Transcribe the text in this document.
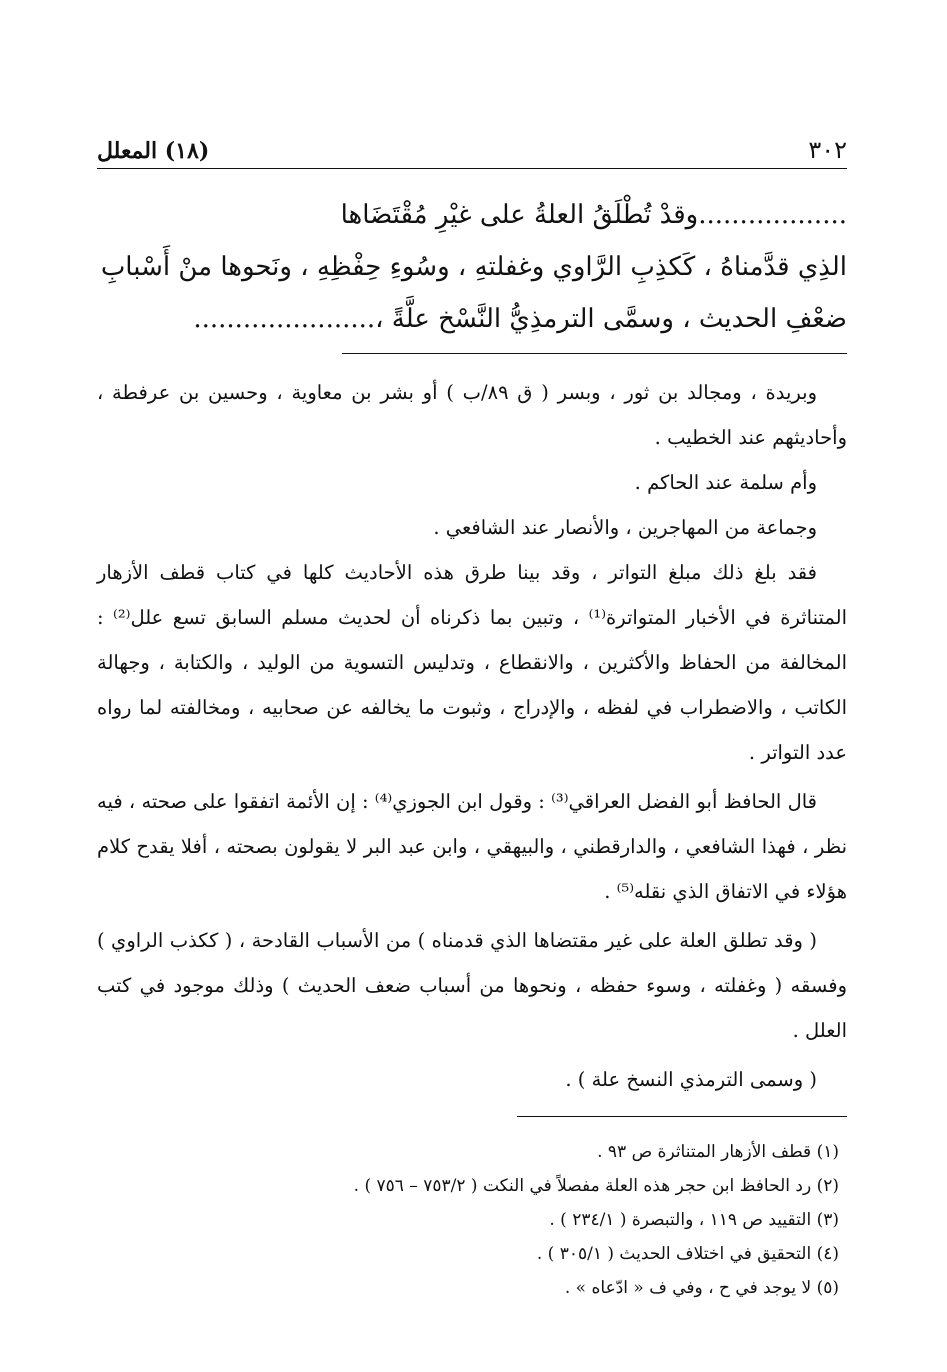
٣٠٢
(١٨) المعلل

..................وقدْ تُطْلَقُ العلةُ على غيْرِ مُقْتَضَاها

الذِي قدَّمناهُ ، كَكذِبِ الرَّاوي وغفلتهِ ، وسُوءِ حِفْظِهِ ، ونَحوها منْ أَسْبابِ

ضعْفِ الحديث ، وسمَّى الترمذِيُّ النَّسْخ علَّةً ،......................

وبريدة ، ومجالد بن ثور ، وبسر ( ق ٨٩/ب ) أو بشر بن معاوية ، وحسين بن عرفطة ، وأحاديثهم عند الخطيب .

وأم سلمة عند الحاكم .

وجماعة من المهاجرين ، والأنصار عند الشافعي .

فقد بلغ ذلك مبلغ التواتر ، وقد بينا طرق هذه الأحاديث كلها في كتاب قطف الأزهار المتناثرة في الأخبار المتواترة⁽¹⁾ ، وتبين بما ذكرناه أن لحديث مسلم السابق تسع علل⁽²⁾ : المخالفة من الحفاظ والأكثرين ، والانقطاع ، وتدليس التسوية من الوليد ، والكتابة ، وجهالة الكاتب ، والاضطراب في لفظه ، والإدراج ، وثبوت ما يخالفه عن صحابيه ، ومخالفته لما رواه عدد التواتر .

قال الحافظ أبو الفضل العراقي⁽³⁾ : وقول ابن الجوزي⁽⁴⁾ : إن الأئمة اتفقوا على صحته ، فيه نظر ، فهذا الشافعي ، والدارقطني ، والبيهقي ، وابن عبد البر لا يقولون بصحته ، أفلا يقدح كلام هؤلاء في الاتفاق الذي نقله⁽⁵⁾ .

( وقد تطلق العلة على غير مقتضاها الذي قدمناه ) من الأسباب القادحة ، ( ككذب الراوي ) وفسقه ( وغفلته ، وسوء حفظه ، ونحوها من أسباب ضعف الحديث ) وذلك موجود في كتب العلل .

( وسمى الترمذي النسخ علة ) .

(١) قطف الأزهار المتناثرة ص ٩٣ .
(٢) رد الحافظ ابن حجر هذه العلة مفصلاً في النكت ( ٧٥٣/٢ – ٧٥٦ ) .
(٣) التقييد ص ١١٩ ، والتبصرة ( ٢٣٤/١ ) .
(٤) التحقيق في اختلاف الحديث ( ٣٠٥/١ ) .
(٥) لا يوجد في ح ، وفي ف « ادّعاه » .
